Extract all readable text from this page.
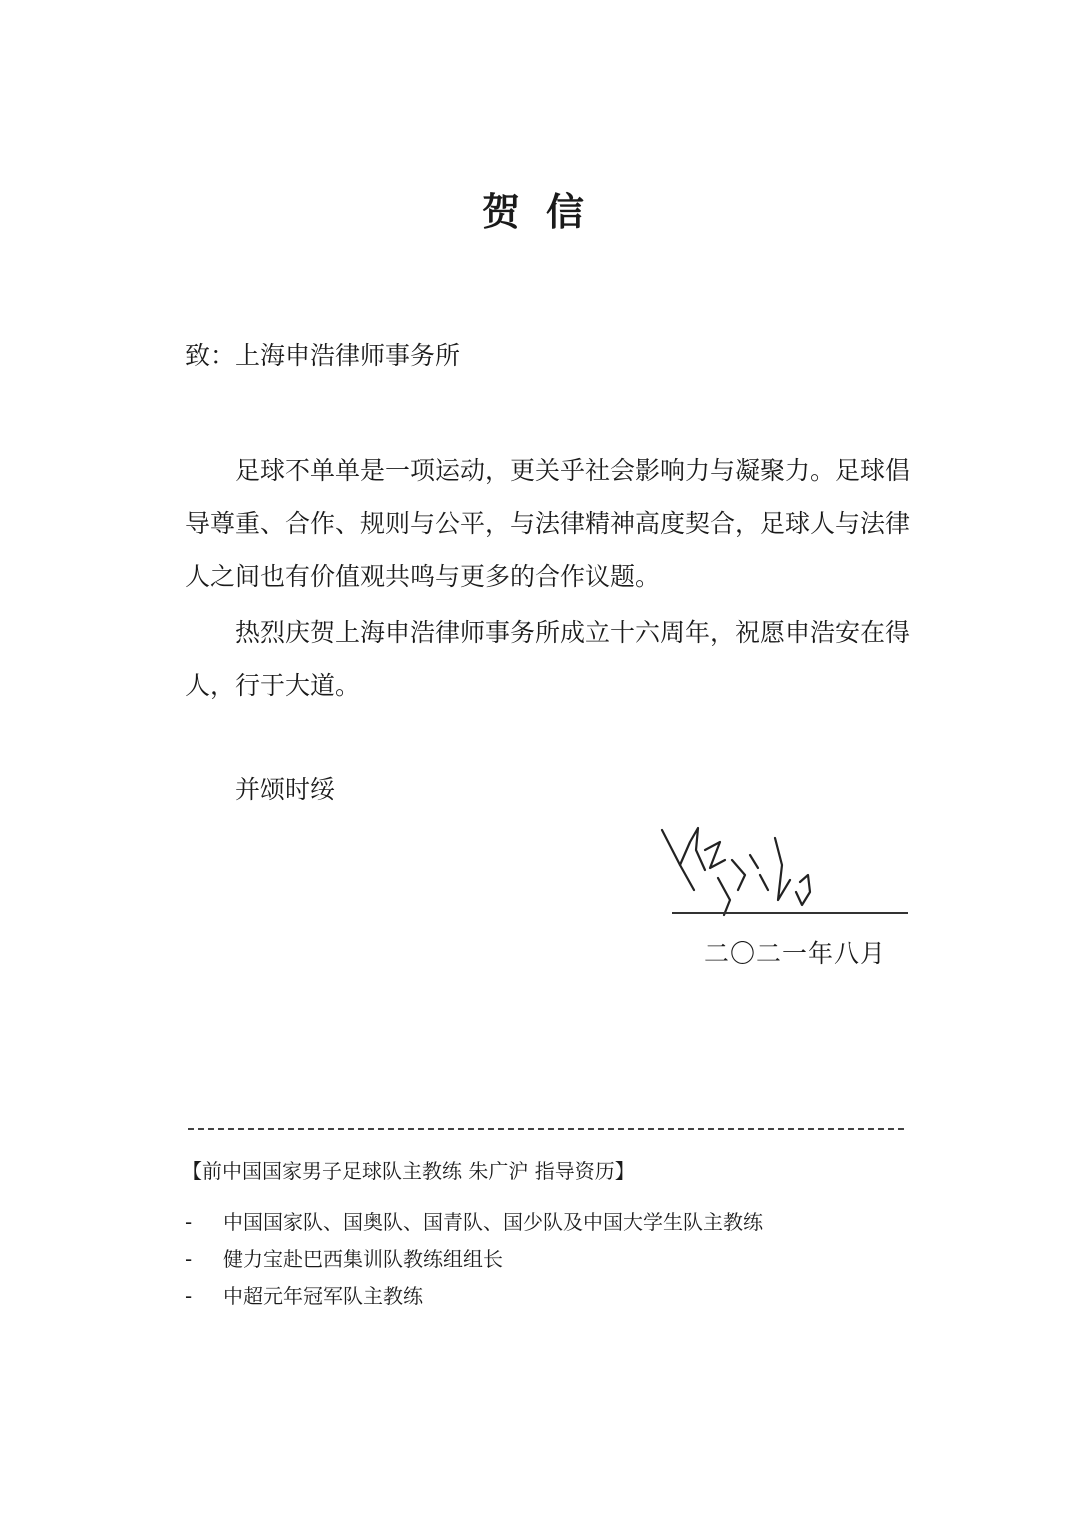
贺信
致：上海申浩律师事务所

足球不单单是一项运动，更关乎社会影响力与凝聚力。足球倡导尊重、合作、规则与公平，与法律精神高度契合，足球人与法律人之间也有价值观共鸣与更多的合作议题。

热烈庆贺上海申浩律师事务所成立十六周年，祝愿申浩安在得人，行于大道。

并颂时绥
二〇二一年八月
【前中国国家男子足球队主教练 朱广沪 指导资历】
- 中国国家队、国奥队、国青队、国少队及中国大学生队主教练
- 健力宝赴巴西集训队教练组组长
- 中超元年冠军队主教练
